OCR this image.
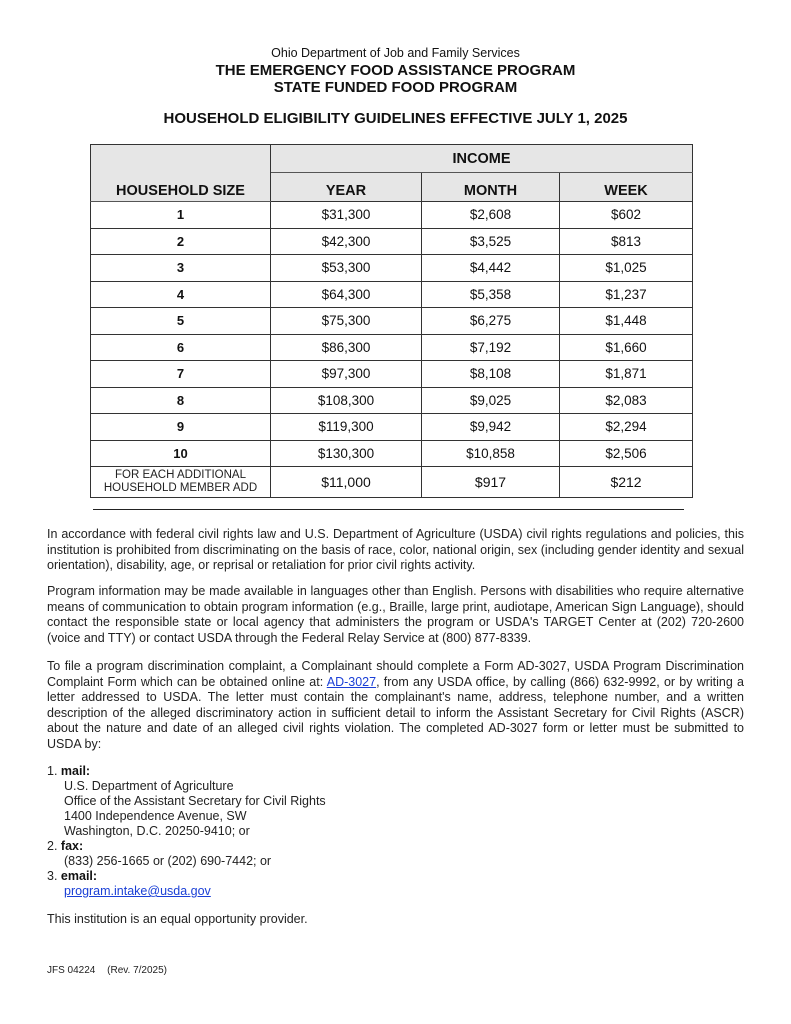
Ohio Department of Job and Family Services
THE EMERGENCY FOOD ASSISTANCE PROGRAM
STATE FUNDED FOOD PROGRAM
HOUSEHOLD ELIGIBILITY GUIDELINES EFFECTIVE JULY 1, 2025
HOUSEHOLD SIZE	INCOME		
	YEAR	MONTH	WEEK
1	$31,300	$2,608	$602
2	$42,300	$3,525	$813
3	$53,300	$4,442	$1,025
4	$64,300	$5,358	$1,237
5	$75,300	$6,275	$1,448
6	$86,300	$7,192	$1,660
7	$97,300	$8,108	$1,871
8	$108,300	$9,025	$2,083
9	$119,300	$9,942	$2,294
10	$130,300	$10,858	$2,506

FOR EACH ADDITIONAL
HOUSEHOLD MEMBER ADD	$11,000	$917	$212
In accordance with federal civil rights law and U.S. Department of Agriculture (USDA) civil rights regulations and policies, this institution is prohibited from discriminating on the basis of race, color, national origin, sex (including gender identity and sexual orientation), disability, age, or reprisal or retaliation for prior civil rights activity.
Program information may be made available in languages other than English. Persons with disabilities who require alternative means of communication to obtain program information (e.g., Braille, large print, audiotape, American Sign Language), should contact the responsible state or local agency that administers the program or USDA's TARGET Center at (202) 720-2600 (voice and TTY) or contact USDA through the Federal Relay Service at (800) 877-8339.
To file a program discrimination complaint, a Complainant should complete a Form AD-3027, USDA Program Discrimination Complaint Form which can be obtained online at: AD-3027, from any USDA office, by calling (866) 632-9992, or by writing a letter addressed to USDA. The letter must contain the complainant's name, address, telephone number, and a written description of the alleged discriminatory action in sufficient detail to inform the Assistant Secretary for Civil Rights (ASCR) about the nature and date of an alleged civil rights violation. The completed AD-3027 form or letter must be submitted to USDA by:
1. mail:
U.S. Department of Agriculture
Office of the Assistant Secretary for Civil Rights
1400 Independence Avenue, SW
Washington, D.C. 20250-9410; or
2. fax:
(833) 256-1665 or (202) 690-7442; or
3. email:
program.intake@usda.gov
This institution is an equal opportunity provider.
JFS 04224 (Rev. 7/2025)
